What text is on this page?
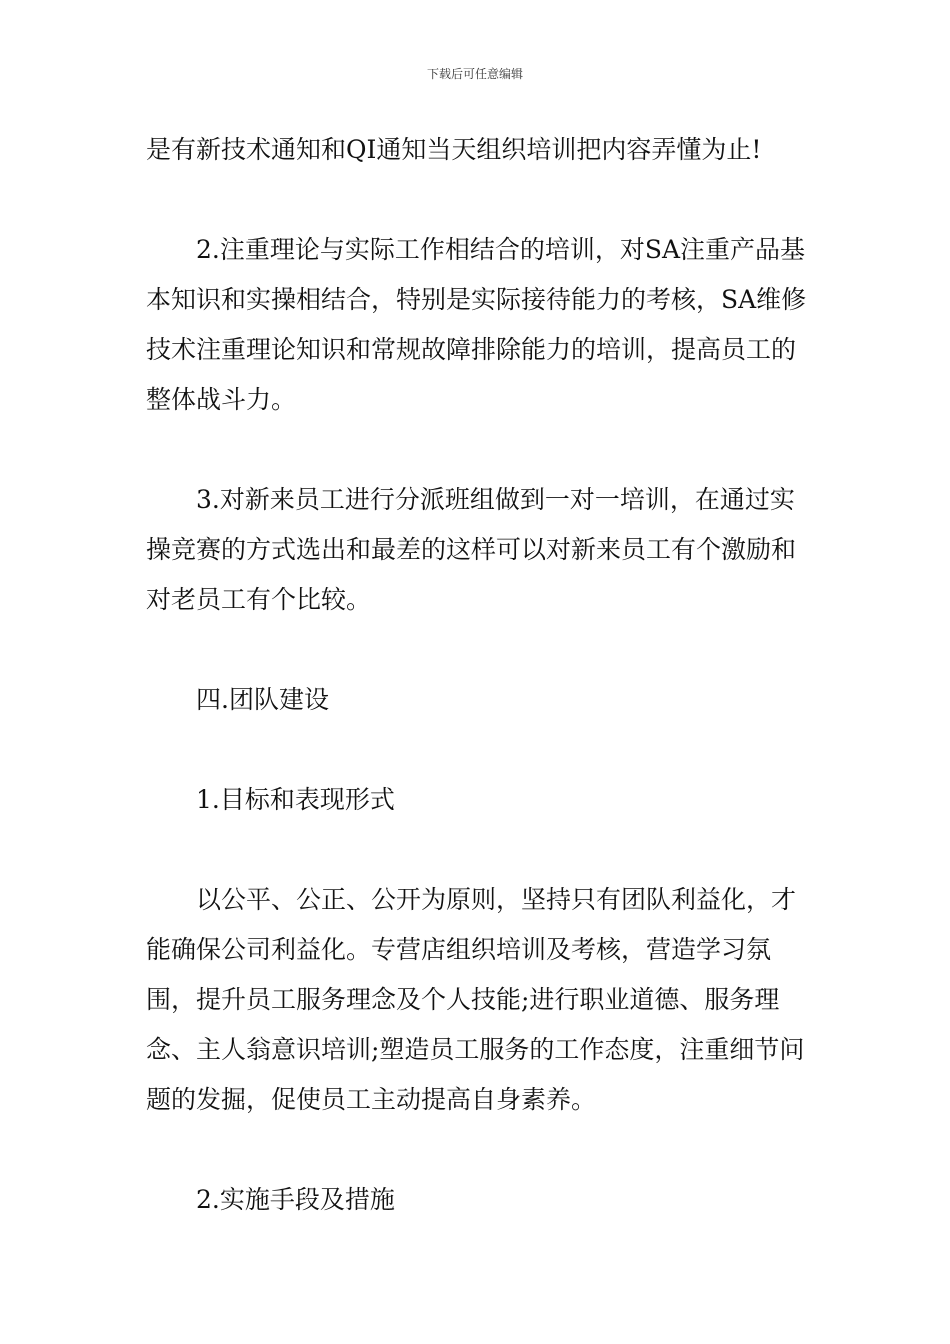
下载后可任意编辑

是有新技术通知和QI通知当天组织培训把内容弄懂为止!

2.注重理论与实际工作相结合的培训，对SA注重产品基本知识和实操相结合，特别是实际接待能力的考核，SA维修技术注重理论知识和常规故障排除能力的培训，提高员工的整体战斗力。

3.对新来员工进行分派班组做到一对一培训，在通过实操竞赛的方式选出和最差的这样可以对新来员工有个激励和对老员工有个比较。

四.团队建设

1.目标和表现形式

以公平、公正、公开为原则，坚持只有团队利益化，才能确保公司利益化。专营店组织培训及考核，营造学习氛围，提升员工服务理念及个人技能;进行职业道德、服务理念、主人翁意识培训;塑造员工服务的工作态度，注重细节问题的发掘，促使员工主动提高自身素养。

2.实施手段及措施
